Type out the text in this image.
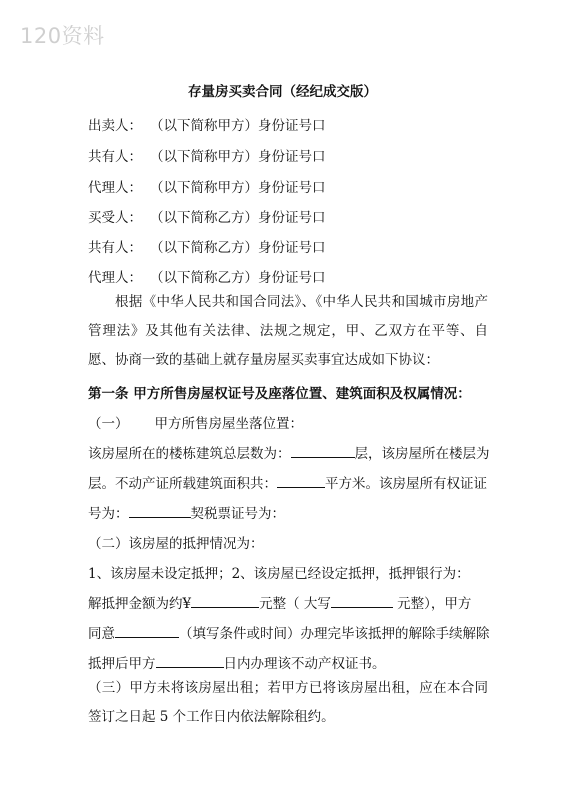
120资料
存量房买卖合同（经纪成交版）
出卖人： （以下简称甲方）身份证号口
共有人： （以下简称甲方）身份证号口
代理人： （以下简称甲方）身份证号口
买受人： （以下简称乙方）身份证号口
共有人： （以下简称乙方）身份证号口
代理人： （以下简称乙方）身份证号口

根据《中华人民共和国合同法》、《中华人民共和国城市房地产管理法》及其他有关法律、法规之规定，甲、乙双方在平等、自愿、协商一致的基础上就存量房屋买卖事宜达成如下协议：

第一条 甲方所售房屋权证号及座落位置、建筑面积及权属情况：
（一） 甲方所售房屋坐落位置：
该房屋所在的楼栋建筑总层数为：	层，该房屋所在楼层为
层。不动产证所载建筑面积共：	平方米。该房屋所有权证证
号为：	契税票证号为：
（二）该房屋的抵押情况为：
1、该房屋未设定抵押；2、该房屋已经设定抵押，抵押银行为：
解抵押金额为约¥	元整（ 大写	元整），甲方
同意	（填写条件或时间）办理完毕该抵押的解除手续解除
抵押后甲方	日内办理该不动产权证书。

（三）甲方未将该房屋出租；若甲方已将该房屋出租，应在本合同签订之日起 5 个工作日内依法解除租约。
